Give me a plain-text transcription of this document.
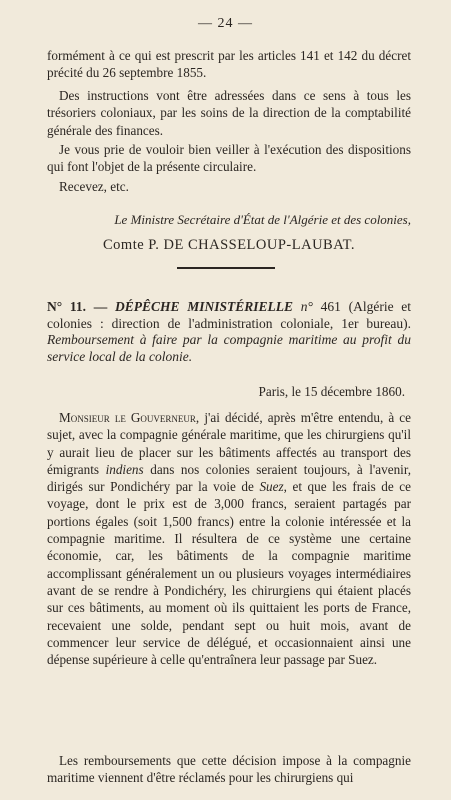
— 24 —

formément à ce qui est prescrit par les articles 141 et 142 du décret précité du 26 septembre 1855.

Des instructions vont être adressées dans ce sens à tous les trésoriers coloniaux, par les soins de la direction de la comptabilité générale des finances.

Je vous prie de vouloir bien veiller à l'exécution des dispositions qui font l'objet de la présente circulaire.

Recevez, etc.

Le Ministre Secrétaire d'État de l'Algérie et des colonies,
Comte P. DE CHASSELOUP-LAUBAT.

N° 11. — DÉPÊCHE MINISTÉRIELLE n° 461 (Algérie et colonies : direction de l'administration coloniale, 1er bureau). Remboursement à faire par la compagnie maritime au profit du service local de la colonie.

Paris, le 15 décembre 1860.

Monsieur le Gouverneur, j'ai décidé, après m'être entendu, à ce sujet, avec la compagnie générale maritime, que les chirurgiens qu'il y aurait lieu de placer sur les bâtiments affectés au transport des émigrants indiens dans nos colonies seraient toujours, à l'avenir, dirigés sur Pondichéry par la voie de Suez, et que les frais de ce voyage, dont le prix est de 3,000 francs, seraient partagés par portions égales (soit 1,500 francs) entre la colonie intéressée et la compagnie maritime. Il résultera de ce système une certaine économie, car, les bâtiments de la compagnie maritime accomplissant généralement un ou plusieurs voyages intermédiaires avant de se rendre à Pondichéry, les chirurgiens qui étaient placés sur ces bâtiments, au moment où ils quittaient les ports de France, recevaient une solde, pendant sept ou huit mois, avant de commencer leur service de délégué, et occasionnaient ainsi une dépense supérieure à celle qu'entraînera leur passage par Suez.

Les remboursements que cette décision impose à la compagnie maritime viennent d'être réclamés pour les chirurgiens qui
